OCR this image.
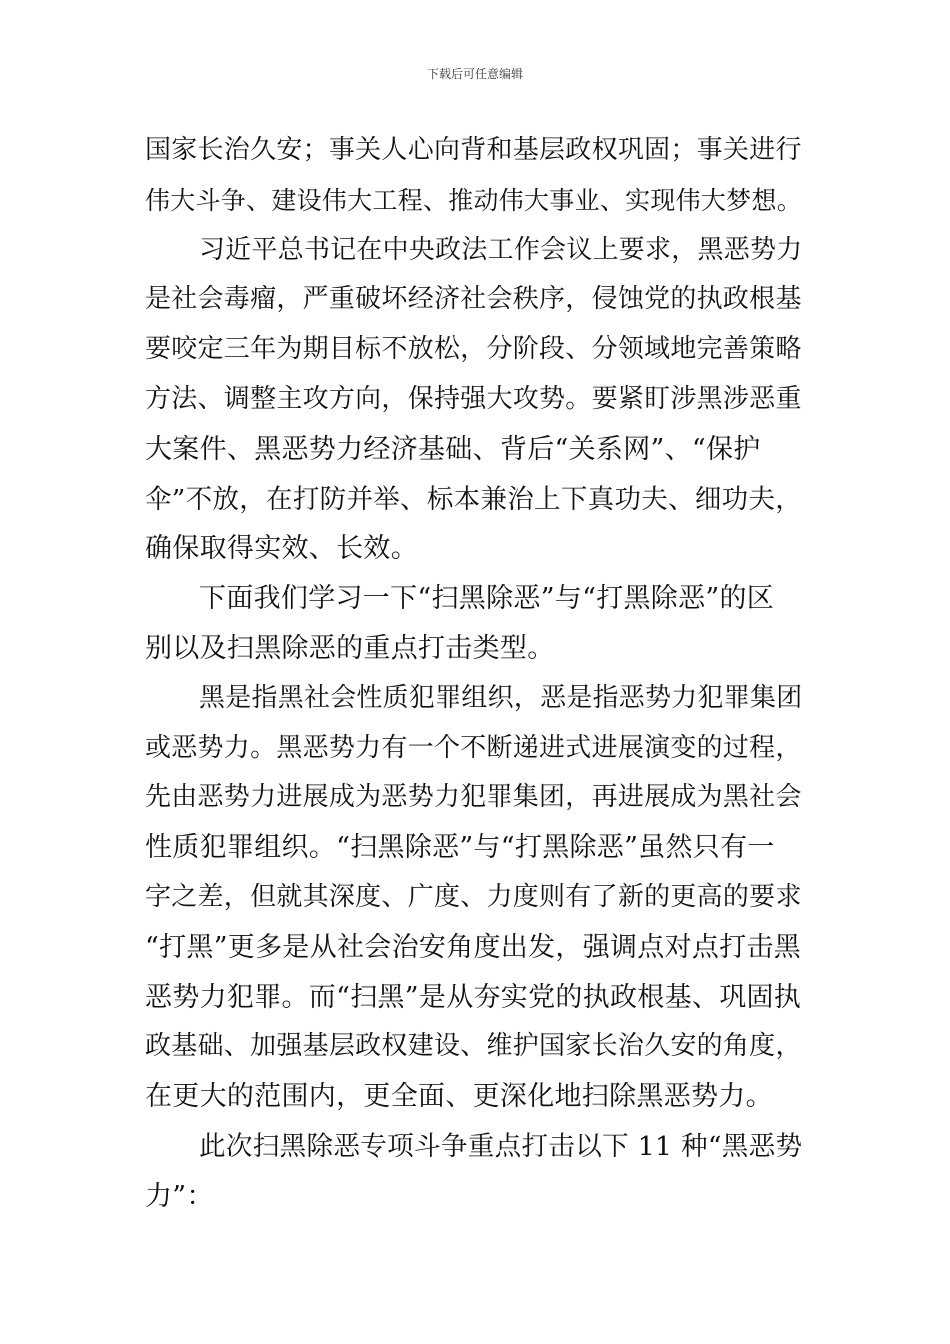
下载后可任意编辑
国家长治久安；事关人心向背和基层政权巩固；事关进行
伟大斗争、建设伟大工程、推动伟大事业、实现伟大梦想。
习近平总书记在中央政法工作会议上要求，黑恶势力
是社会毒瘤，严重破坏经济社会秩序，侵蚀党的执政根基
要咬定三年为期目标不放松，分阶段、分领域地完善策略
方法、调整主攻方向，保持强大攻势。要紧盯涉黑涉恶重
大案件、黑恶势力经济基础、背后“关系网”、“保护
伞”不放，在打防并举、标本兼治上下真功夫、细功夫，
确保取得实效、长效。
下面我们学习一下“扫黑除恶”与“打黑除恶”的区
别以及扫黑除恶的重点打击类型。
黑是指黑社会性质犯罪组织，恶是指恶势力犯罪集团
或恶势力。黑恶势力有一个不断递进式进展演变的过程，
先由恶势力进展成为恶势力犯罪集团，再进展成为黑社会
性质犯罪组织。“扫黑除恶”与“打黑除恶”虽然只有一
字之差，但就其深度、广度、力度则有了新的更高的要求
“打黑”更多是从社会治安角度出发，强调点对点打击黑
恶势力犯罪。而“扫黑”是从夯实党的执政根基、巩固执
政基础、加强基层政权建设、维护国家长治久安的角度，
在更大的范围内，更全面、更深化地扫除黑恶势力。
此次扫黑除恶专项斗争重点打击以下 11 种“黑恶势
力”：
